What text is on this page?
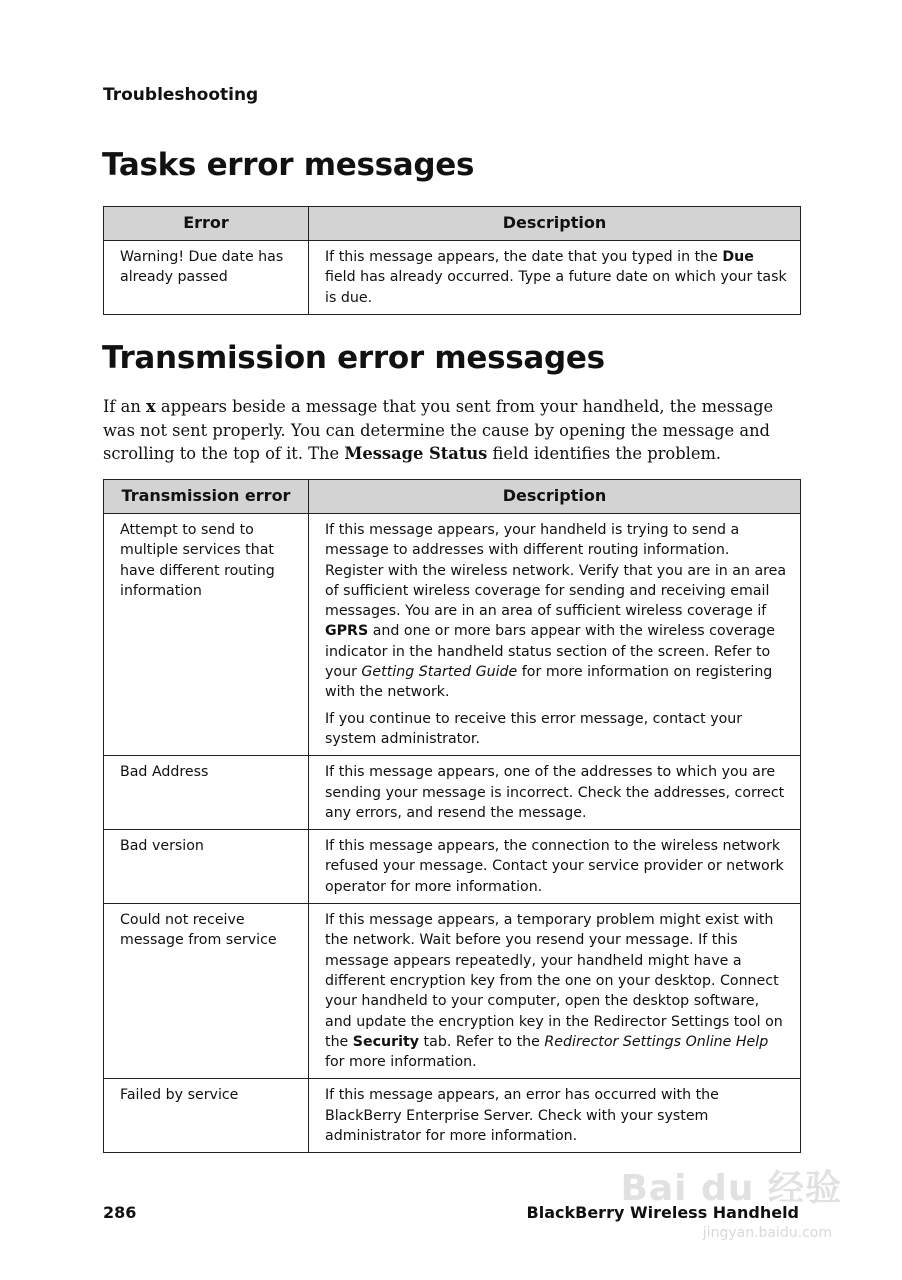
Troubleshooting
Tasks error messages
Error	Description
Warning! Due date has already passed	If this message appears, the date that you typed in the Due field has already occurred. Type a future date on which your task is due.
Transmission error messages

If an x appears beside a message that you sent from your handheld, the message was not sent properly. You can determine the cause by opening the message and scrolling to the top of it. The Message Status field identifies the problem.

Transmission error	Description
Attempt to send to multiple services that have different routing information	If this message appears, your handheld is trying to send a message to addresses with different routing information. Register with the wireless network. Verify that you are in an area of sufficient wireless coverage for sending and receiving email messages. You are in an area of sufficient wireless coverage if GPRS and one or more bars appear with the wireless coverage indicator in the handheld status section of the screen. Refer to your Getting Started Guide for more information on registering with the network.
If you continue to receive this error message, contact your system administrator.

Bad Address	If this message appears, one of the addresses to which you are sending your message is incorrect. Check the addresses, correct any errors, and resend the message.
Bad version	If this message appears, the connection to the wireless network refused your message. Contact your service provider or network operator for more information.
Could not receive message from service	If this message appears, a temporary problem might exist with the network. Wait before you resend your message. If this message appears repeatedly, your handheld might have a different encryption key from the one on your desktop. Connect your handheld to your computer, open the desktop software, and update the encryption key in the Redirector Settings tool on the Security tab. Refer to the Redirector Settings Online Help for more information.
Failed by service	If this message appears, an error has occurred with the BlackBerry Enterprise Server. Check with your system administrator for more information.
Bai du 经验
jingyan.baidu.com
286	BlackBerry Wireless Handheld
